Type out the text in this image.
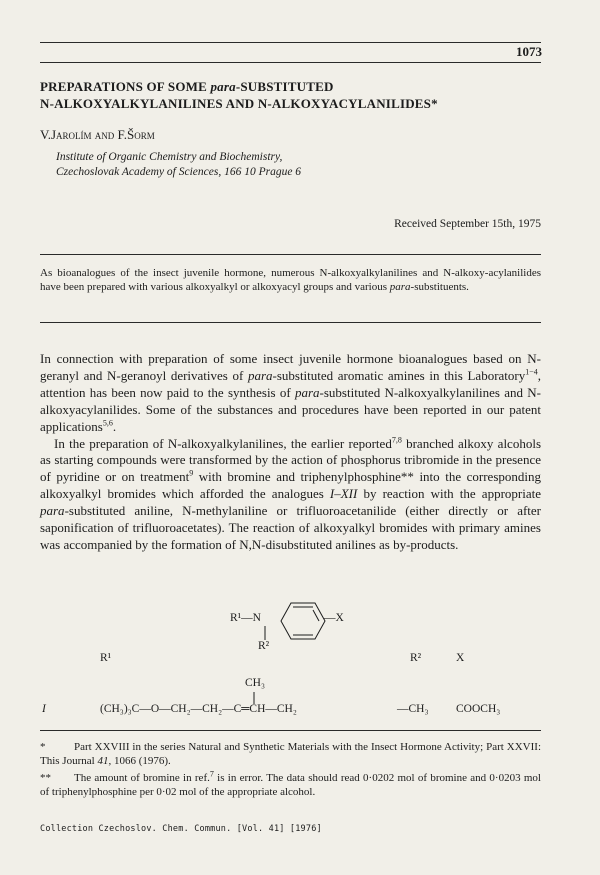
1073
PREPARATIONS OF SOME para-SUBSTITUTED
N-ALKOXYALKYLANILINES AND N-ALKOXYACYLANILIDES*
V.Jarolím and F.Šorm
Institute of Organic Chemistry and Biochemistry,
Czechoslovak Academy of Sciences, 166 10 Prague 6
Received September 15th, 1975
As bioanalogues of the insect juvenile hormone, numerous N-alkoxyalkylanilines and N-alkoxy-acylanilides have been prepared with various alkoxyalkyl or alkoxyacyl groups and various para-substituents.

In connection with preparation of some insect juvenile hormone bioanalogues based on N-geranyl and N-geranoyl derivatives of para-substituted aromatic amines in this Laboratory$^{1-4}$, attention has been now paid to the synthesis of para-substituted N-alkoxyalkylanilines and N-alkoxyacylanilides. Some of the substances and procedures have been reported in our patent applications$^{5,6}$.

In the preparation of N-alkoxyalkylanilines, the earlier reported$^{7,8}$ branched alkoxy alcohols as starting compounds were transformed by the action of phosphorus tribromide in the presence of pyridine or on treatment$^9$ with bromine and triphenylphosphine** into the corresponding alkoxyalkyl bromides which afforded the analogues I–XII by reaction with the appropriate para-substituted aniline, N-methylaniline or trifluoroacetanilide (either directly or after saponification of trifluoroacetates). The reaction of alkoxyalkyl bromides with primary amines was accompanied by the formation of N,N-disubstituted anilines as by-products.

R¹—N	—X
R²
R¹	R²	X
CH₃
I	(CH₃)₃C—O—CH₂—CH₂—C═CH—CH₂	—CH₃ COOCH₃

*	Part XXVIII in the series Natural and Synthetic Materials with the Insect Hormone Activity; Part XXVII: This Journal 41, 1066 (1976).

** The amount of bromine in ref.$^7$ is in error. The data should read 0·0202 mol of bromine and 0·0203 mol of triphenylphosphine per 0·02 mol of the appropriate alcohol.

Collection Czechoslov. Chem. Commun. [Vol. 41] [1976]
